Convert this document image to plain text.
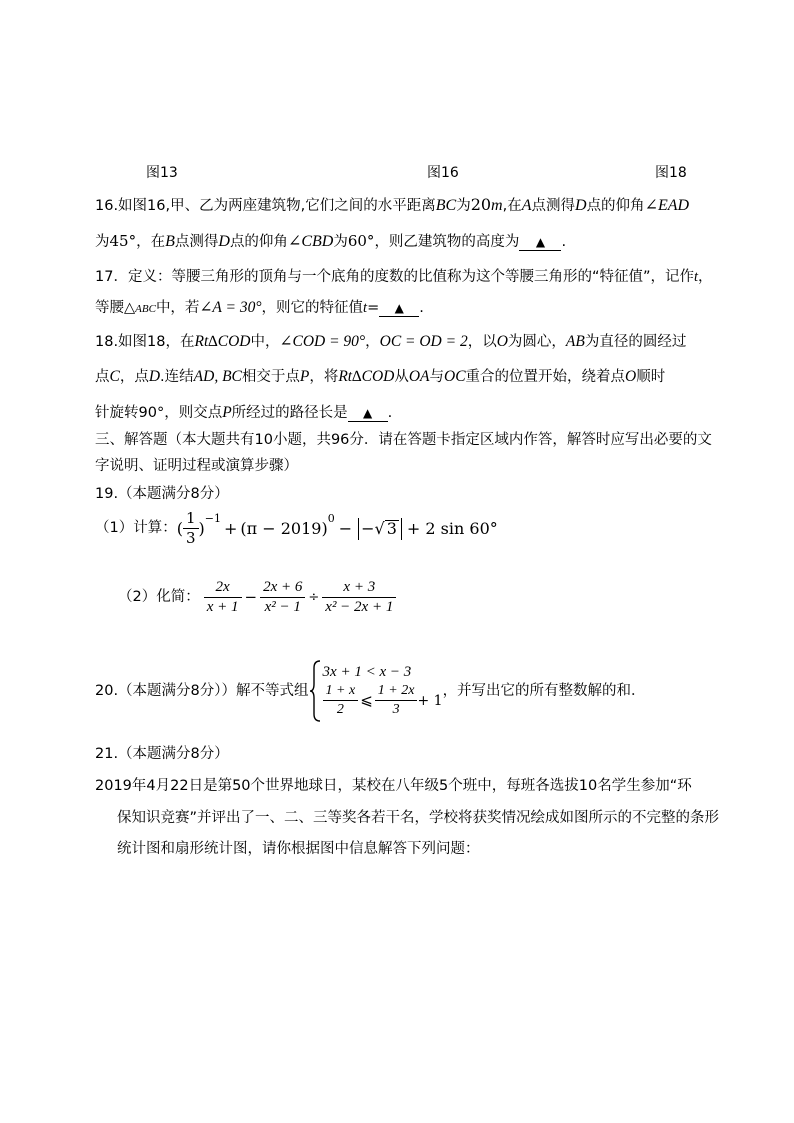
图13	图16	图18
16.如图16,甲、乙为两座建筑物,它们之间的水平距离BC为20m,在A点测得D点的仰角∠EAD
为45°，在B点测得D点的仰角∠CBD为60°，则乙建筑物的高度为 ▲ .
17．定义：等腰三角形的顶角与一个底角的度数的比值称为这个等腰三角形的“特征值”，记作t，
等腰△ABC中，若∠A = 30°，则它的特征值t= ▲ .
18.如图18，在Rt∆COD中，∠COD = 90°，OC = OD = 2，以O为圆心，AB为直径的圆经过
点C，点D.连结AD, BC相交于点P，将Rt∆COD从OA与OC重合的位置开始，绕着点O顺时
针旋转90°，则交点P所经过的路径长是 ▲ .
三、解答题（本大题共有10小题，共96分．请在答题卡指定区域内作答，解答时应写出必要的文
字说明、证明过程或演算步骤）
19.（本题满分8分）
（1）计算： ( $\frac{1}{3}$ ) −1 + (π − 2019) 0 − − √ 3 + 2 sin 60°
（2）化简： $\frac{2x}{x + 1} - \frac{2x + 6}{\text{x² − 1}} \div \frac{x + 3}{\text{x² − 2x + 1}}$
20.（本题满分8分））解不等式组
3x + 1 < x − 3
$\frac{1 + x}{2}$ ⩽ $\frac{1 + 2x}{3} + 1$
，并写出它的所有整数解的和．
21.（本题满分8分）
2019年4月22日是第50个世界地球日，某校在八年级5个班中，每班各选拔10名学生参加“环
保知识竞赛”并评出了一、二、三等奖各若干名，学校将获奖情况绘成如图所示的不完整的条形
统计图和扇形统计图，请你根据图中信息解答下列问题：
